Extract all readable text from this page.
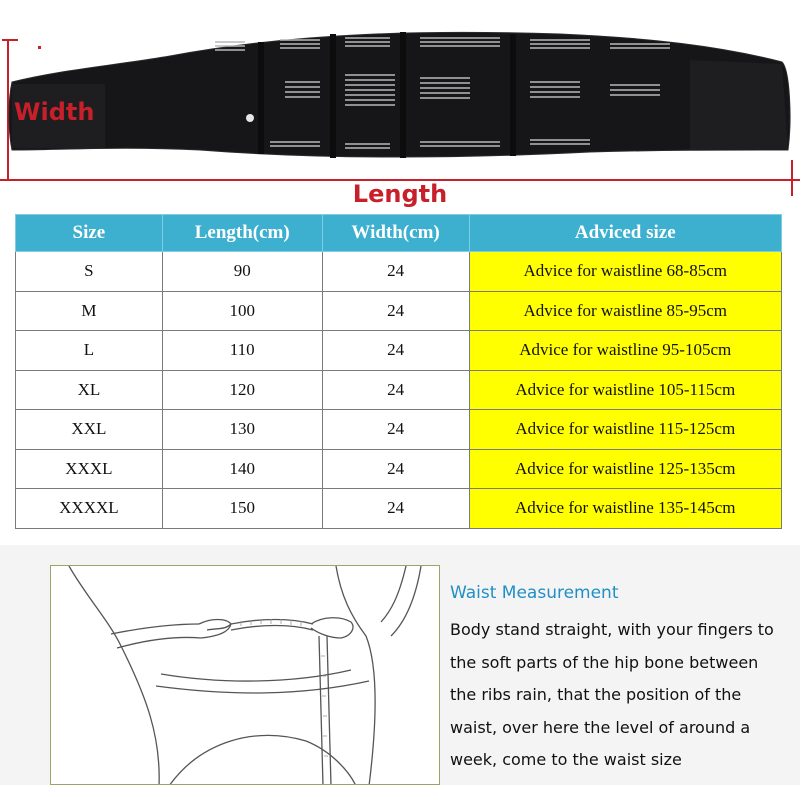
Width
Length
Size	Length(cm)	Width(cm)	Adviced size
S	90	24	Advice for waistline 68-85cm
M	100	24	Advice for waistline 85-95cm
L	110	24	Advice for waistline 95-105cm
XL	120	24	Advice for waistline 105-115cm
XXL	130	24	Advice for waistline 115-125cm
XXXL	140	24	Advice for waistline 125-135cm
XXXXL	150	24	Advice for waistline 135-145cm
Waist Measurement
Body stand straight, with your fingers to
the soft parts of the hip bone between
the ribs rain, that the position of the
waist, over here the level of around a
week, come to the waist size
